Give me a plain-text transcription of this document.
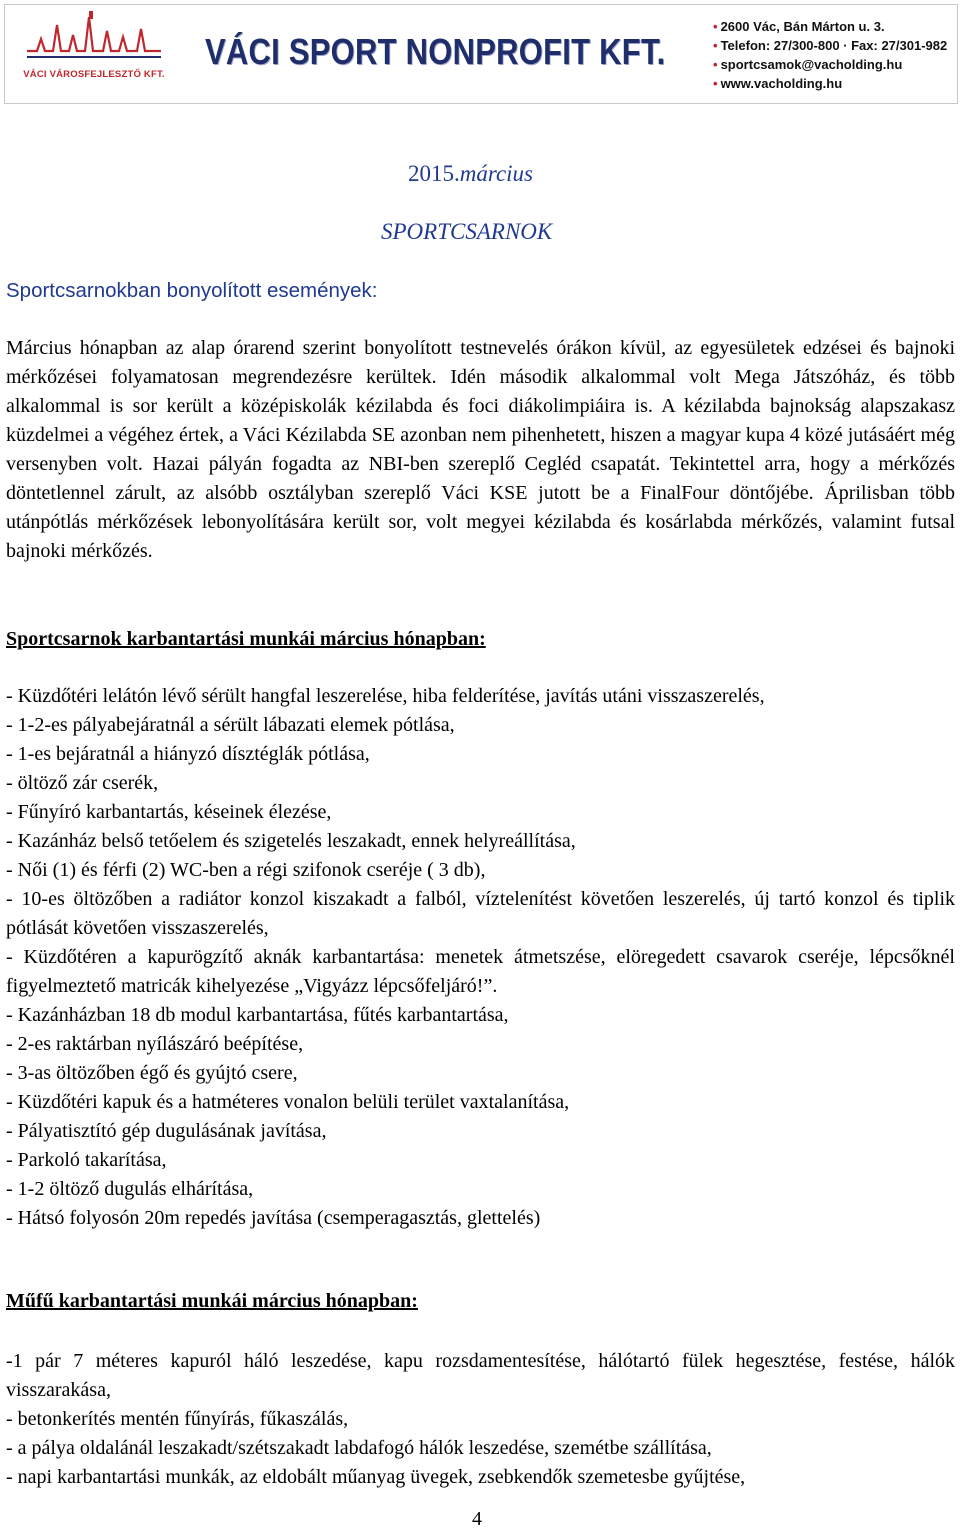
VÁCI VÁROSFEJLESZTŐ KFT.
VÁCI SPORT NONPROFIT KFT.
• 2600 Vác, Bán Márton u. 3.
• Telefon: 27/300-800 · Fax: 27/301-982
• sportcsamok@vacholding.hu
• www.vacholding.hu
2015.március
SPORTCSARNOK
Sportcsarnokban bonyolított események:

Március hónapban az alap órarend szerint bonyolított testnevelés órákon kívül, az egyesületek edzései és bajnoki mérkőzései folyamatosan megrendezésre kerültek. Idén második alkalommal volt Mega Játszóház, és több alkalommal is sor került a középiskolák kézilabda és foci diákolimpiáira is. A kézilabda bajnokság alapszakasz küzdelmei a végéhez értek, a Váci Kézilabda SE azonban nem pihenhetett, hiszen a magyar kupa 4 közé jutásáért még versenyben volt. Hazai pályán fogadta az NBI-ben szereplő Cegléd csapatát. Tekintettel arra, hogy a mérkőzés döntetlennel zárult, az alsóbb osztályban szereplő Váci KSE jutott be a FinalFour döntőjébe. Áprilisban több utánpótlás mérkőzések lebonyolítására került sor, volt megyei kézilabda és kosárlabda mérkőzés, valamint futsal bajnoki mérkőzés.

Sportcsarnok karbantartási munkái március hónapban:
- Küzdőtéri lelátón lévő sérült hangfal leszerelése, hiba felderítése, javítás utáni visszaszerelés,
- 1-2-es pályabejáratnál a sérült lábazati elemek pótlása,
- 1-es bejáratnál a hiányzó dísztéglák pótlása,
- öltöző zár cserék,
- Fűnyíró karbantartás, késeinek élezése,
- Kazánház belső tetőelem és szigetelés leszakadt, ennek helyreállítása,
- Női (1) és férfi (2) WC-ben a régi szifonok cseréje ( 3 db),
- 10-es öltözőben a radiátor konzol kiszakadt a falból, víztelenítést követően leszerelés, új tartó konzol és tiplik pótlását követően visszaszerelés,
- Küzdőtéren a kapurögzítő aknák karbantartása: menetek átmetszése, elöregedett csavarok cseréje, lépcsőknél figyelmeztető matricák kihelyezése „Vigyázz lépcsőfeljáró!”.
- Kazánházban 18 db modul karbantartása, fűtés karbantartása,
- 2-es raktárban nyílászáró beépítése,
- 3-as öltözőben égő és gyújtó csere,
- Küzdőtéri kapuk és a hatméteres vonalon belüli terület vaxtalanítása,
- Pályatisztító gép dugulásának javítása,
- Parkoló takarítása,
- 1-2 öltöző dugulás elhárítása,
- Hátsó folyosón 20m repedés javítása (csemperagasztás, glettelés)
Műfű karbantartási munkái március hónapban:
-1 pár 7 méteres kapuról háló leszedése, kapu rozsdamentesítése, hálótartó fülek hegesztése, festése, hálók visszarakása,
- betonkerítés mentén fűnyírás, fűkaszálás,
- a pálya oldalánál leszakadt/szétszakadt labdafogó hálók leszedése, szemétbe szállítása,
- napi karbantartási munkák, az eldobált műanyag üvegek, zsebkendők szemetesbe gyűjtése,
4
